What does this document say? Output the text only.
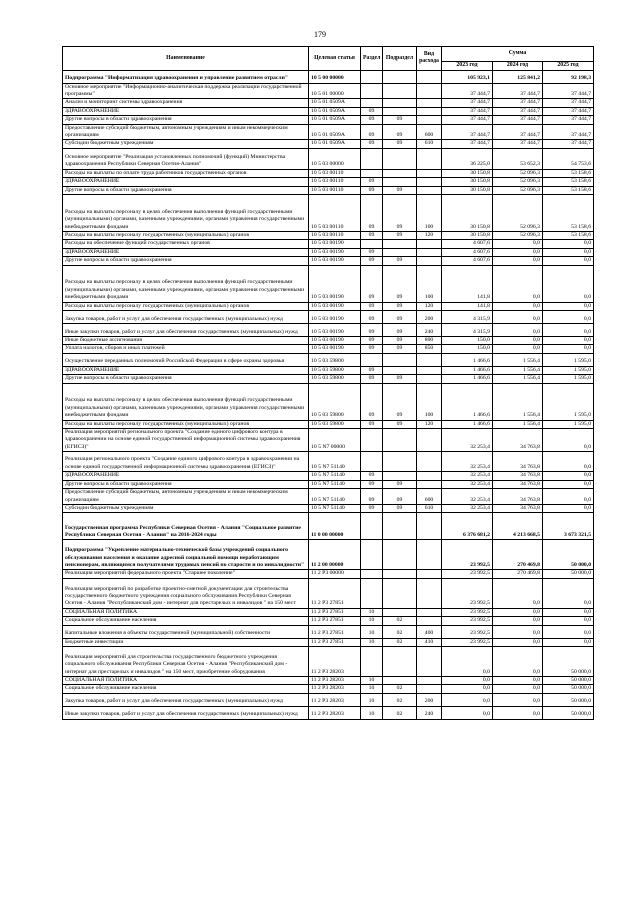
179
Наименование	Целевая статья	Раздел	Подраздел	Вид расхода	Сумма		
					2023 год	2024 год	2025 год
Подпрограмма "Информатизация здравоохранения и управление развитием отрасли"	10 5 00 00000				105 923,1	125 841,2	92 198,3
Основное мероприятие "Информационно-аналитическая поддержка реализации государственной программы"	10 5 01 00000				37 444,7	37 444,7	37 444,7
Анализ и мониторинг системы здравоохранения	10 5 01 0509А				37 444,7	37 444,7	37 444,7
ЗДРАВООХРАНЕНИЕ	10 5 01 0509А	09			37 444,7	37 444,7	37 444,7
Другие вопросы в области здравоохранения	10 5 01 0509А	09	09		37 444,7	37 444,7	37 444,7
Предоставление субсидий бюджетным, автономным учреждениям и иным некоммерческим организациям	10 5 01 0509А	09	09	600	37 444,7	37 444,7	37 444,7
Субсидии бюджетным учреждениям	10 5 01 0509А	09	09	610	37 444,7	37 444,7	37 444,7
Основное мероприятие "Реализация установленных полномочий (функций) Министерства здравоохранения Республики Северная Осетия-Алания"	10 5 03 00000				36 225,0	53 652,3	54 753,6
Расходы на выплаты по оплате труда работников государственных органов	10 5 03 00110				30 150,8	52 096,3	53 158,6
ЗДРАВООХРАНЕНИЕ	10 5 03 00110	09			30 150,8	52 096,3	53 158,6
Другие вопросы в области здравоохранения	10 5 03 00110	09	09		30 150,8	52 096,3	53 158,6
Расходы на выплаты персоналу в целях обеспечения выполнения функций государственными (муниципальными) органами, казенными учреждениями, органами управления государственными внебюджетными фондами	10 5 03 00110	09	09	100	30 150,8	52 096,3	53 158,6
Расходы на выплаты персоналу государственных (муниципальных) органов	10 5 03 00110	09	09	120	30 150,8	52 096,3	53 158,6
Расходы на обеспечение функций государственных органов	10 5 03 00190				4 607,6	0,0	0,0
ЗДРАВООХРАНЕНИЕ	10 5 03 00190	09			4 607,6	0,0	0,0
Другие вопросы в области здравоохранения	10 5 03 00190	09	09		4 607,6	0,0	0,0
Расходы на выплаты персоналу в целях обеспечения выполнения функций государственными (муниципальными) органами, казенными учреждениями, органами управления государственными внебюджетными фондами	10 5 03 00190	09	09	100	141,8	0,0	0,0
Расходы на выплаты персоналу государственных (муниципальных) органов	10 5 03 00190	09	09	120	141,8	0,0	0,0
Закупка товаров, работ и услуг для обеспечения государственных (муниципальных) нужд	10 5 03 00190	09	09	200	4 315,9	0,0	0,0
Иные закупки товаров, работ и услуг для обеспечения государственных (муниципальных) нужд	10 5 03 00190	09	09	240	4 315,9	0,0	0,0
Иные бюджетные ассигнования	10 5 03 00190	09	09	800	150,0	0,0	0,0
Уплата налогов, сборов и иных платежей	10 5 03 00190	09	09	850	150,0	0,0	0,0
Осуществление переданных полномочий Российской Федерации в сфере охраны здоровья	10 5 03 59800				1 466,6	1 556,4	1 595,0
ЗДРАВООХРАНЕНИЕ	10 5 03 59800	09			1 466,6	1 556,4	1 595,0
Другие вопросы в области здравоохранения	10 5 03 59800	09	09		1 466,6	1 556,4	1 595,0
Расходы на выплаты персоналу в целях обеспечения выполнения функций государственными (муниципальными) органами, казенными учреждениями, органами управления государственными внебюджетными фондами	10 5 03 59800	09	09	100	1 466,6	1 556,4	1 595,0
Расходы на выплаты персоналу государственных (муниципальных) органов	10 5 03 59800	09	09	120	1 466,6	1 556,4	1 595,0
Реализация мероприятий регионального проекта "Создание единого цифрового контура в здравоохранении на основе единой государственной информационной системы здравоохранения (ЕГИСЗ)"	10 5 N7 00000				32 253,4	34 763,8	0,0
Реализация регионального проекта "Создание единого цифрового контура в здравоохранении на основе единой государственной информационной системы здравоохранения (ЕГИСЗ)"	10 5 N7 51140				32 253,4	34 763,8	0,0
ЗДРАВООХРАНЕНИЕ	10 5 N7 51140	09			32 253,4	34 763,8	0,0
Другие вопросы в области здравоохранения	10 5 N7 51140	09	09		32 253,4	34 763,8	0,0
Предоставление субсидий бюджетным, автономным учреждениям и иным некоммерческим организациям	10 5 N7 51140	09	09	600	32 253,4	34 763,8	0,0
Субсидии бюджетным учреждениям	10 5 N7 51140	09	09	610	32 253,4	34 763,8	0,0
Государственная программа Республики Северная Осетия - Алания "Социальное развитие Республики Северная Осетия - Алания" на 2016-2024 годы	11 0 00 00000				6 376 681,2	4 213 668,5	3 673 321,5
Подпрограмма "Укрепление материально-технической базы учреждений социального обслуживания населения и оказание адресной социальной помощи неработающим пенсионерам, являющимся получателями трудовых пенсий по старости и по инвалидности"	11 2 00 00000				23 992,5	270 469,8	50 000,0
Реализация мероприятий федерального проекта "Старшее поколение"	11 2 P3 00000				23 992,5	270 469,8	50 000,0
Реализация мероприятий по разработке проектно-сметной документации для строительства государственного бюджетного учреждения социального обслуживания Республики Северная Осетия - Алания "Республиканский дом - интернат для престарелых и инвалидов " на 150 мест	11 2 P3 27851				23 992,5	0,0	0,0
СОЦИАЛЬНАЯ ПОЛИТИКА	11 2 P3 27851	10			23 992,5	0,0	0,0
Социальное обслуживание населения	11 2 P3 27851	10	02		23 992,5	0,0	0,0
Капитальные вложения в объекты государственной (муниципальной) собственности	11 2 P3 27851	10	02	400	23 992,5	0,0	0,0
Бюджетные инвестиции	11 2 P3 27851	10	02	410	23 992,5	0,0	0,0
Реализация мероприятий для строительства государственного бюджетного учреждения социального обслуживания Республики Северная Осетия - Алания "Республиканский дом - интернат для престарелых и инвалидов " на 150 мест, приобретение оборудования	11 2 P3 28203				0,0	0,0	50 000,0
СОЦИАЛЬНАЯ ПОЛИТИКА	11 2 P3 28203	10			0,0	0,0	50 000,0
Социальное обслуживание населения	11 2 P3 28203	10	02		0,0	0,0	50 000,0
Закупка товаров, работ и услуг для обеспечения государственных (муниципальных) нужд	11 2 P3 28203	10	02	200	0,0	0,0	50 000,0
Иные закупки товаров, работ и услуг для обеспечения государственных (муниципальных) нужд	11 2 P3 28203	10	02	240	0,0	0,0	50 000,0
